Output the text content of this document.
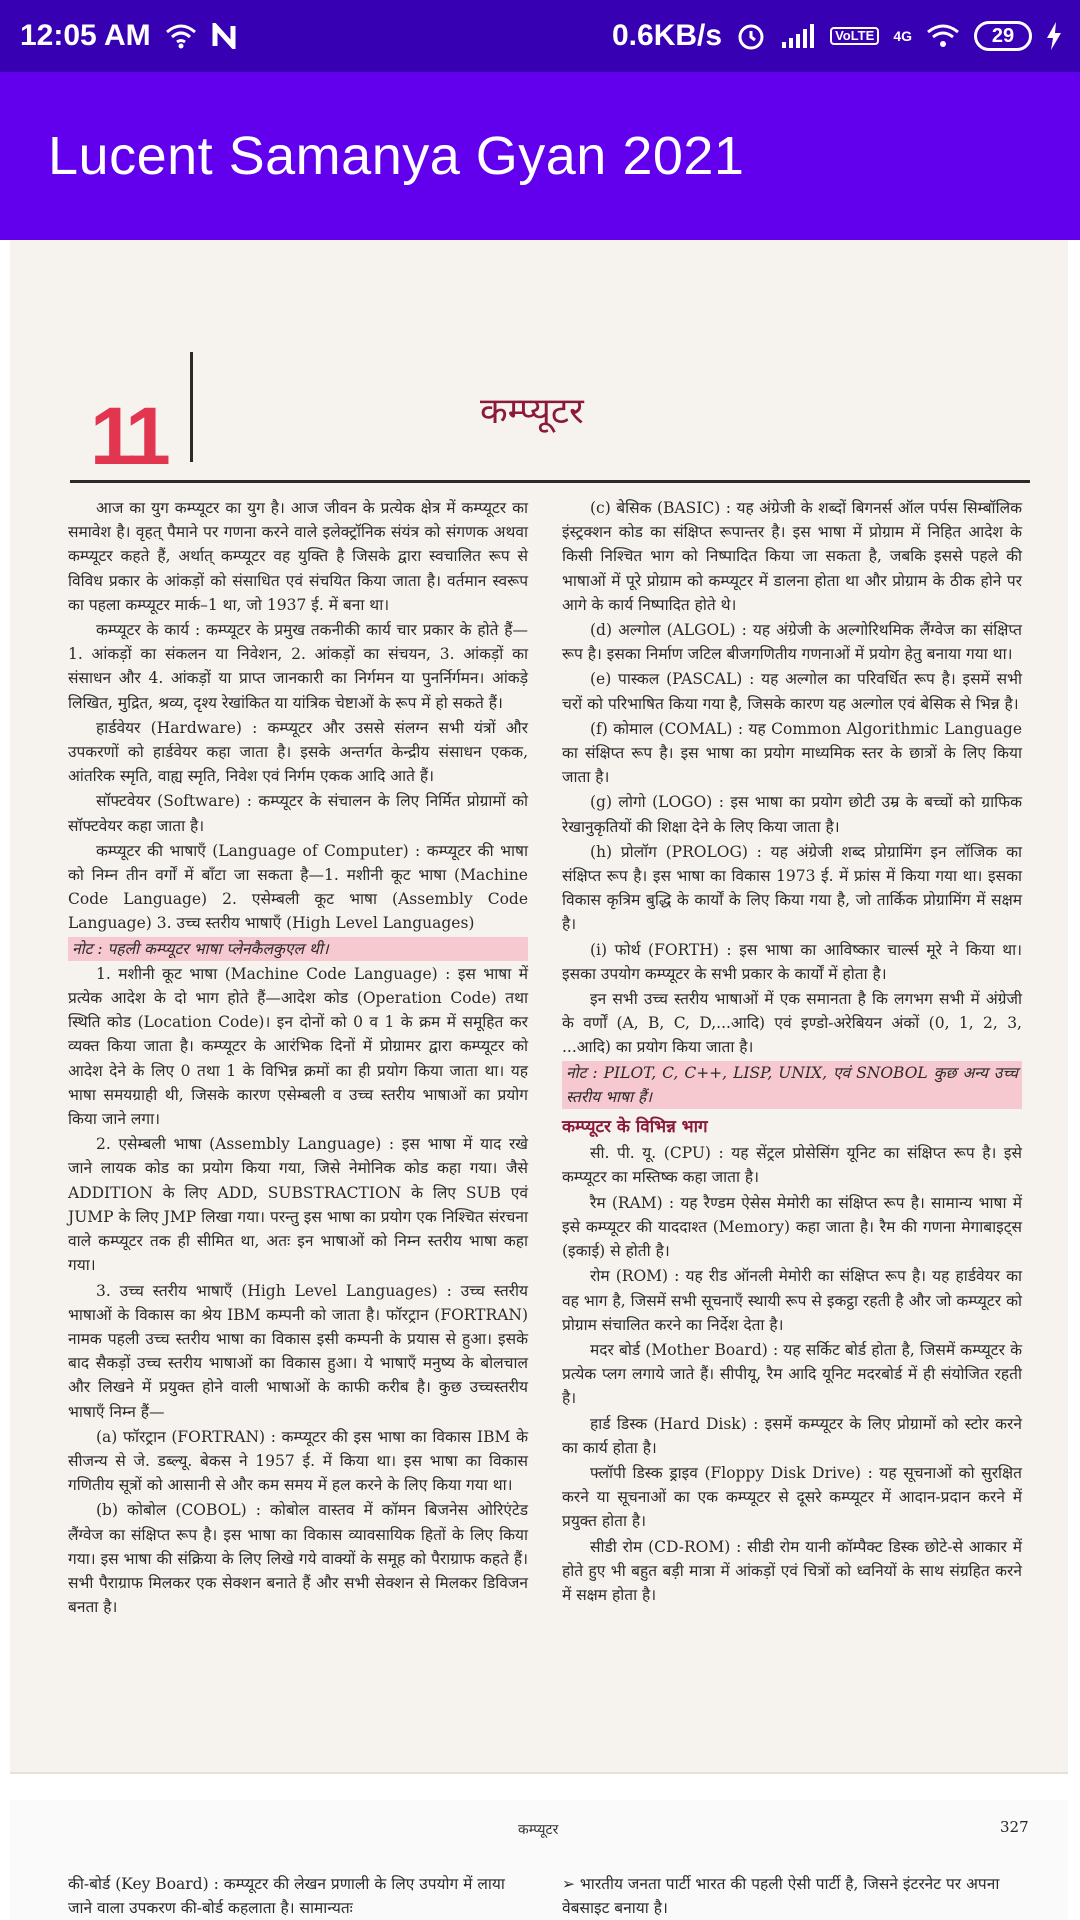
12:05 AM	0.6KB/s	VoLTE	4G	29
Lucent Samanya Gyan 2021
11	कम्प्यूटर

आज का युग कम्प्यूटर का युग है। आज जीवन के प्रत्येक क्षेत्र में कम्प्यूटर का समावेश है। वृहत् पैमाने पर गणना करने वाले इलेक्ट्रॉनिक संयंत्र को संगणक अथवा कम्प्यूटर कहते हैं, अर्थात् कम्प्यूटर वह युक्ति है जिसके द्वारा स्वचालित रूप से विविध प्रकार के आंकड़ों को संसाधित एवं संचयित किया जाता है। वर्तमान स्वरूप का पहला कम्प्यूटर मार्क–1 था, जो 1937 ई. में बना था।

कम्प्यूटर के कार्य : कम्प्यूटर के प्रमुख तकनीकी कार्य चार प्रकार के होते हैं—1. आंकड़ों का संकलन या निवेशन, 2. आंकड़ों का संचयन, 3. आंकड़ों का संसाधन और 4. आंकड़ों या प्राप्त जानकारी का निर्गमन या पुनर्निर्गमन। आंकड़े लिखित, मुद्रित, श्रव्य, दृश्य रेखांकित या यांत्रिक चेष्टाओं के रूप में हो सकते हैं।

हार्डवेयर (Hardware) : कम्प्यूटर और उससे संलग्न सभी यंत्रों और उपकरणों को हार्डवेयर कहा जाता है। इसके अन्तर्गत केन्द्रीय संसाधन एकक, आंतरिक स्मृति, वाह्य स्मृति, निवेश एवं निर्गम एकक आदि आते हैं।

सॉफ्टवेयर (Software) : कम्प्यूटर के संचालन के लिए निर्मित प्रोग्रामों को सॉफ्टवेयर कहा जाता है।

कम्प्यूटर की भाषाएँ (Language of Computer) : कम्प्यूटर की भाषा को निम्न तीन वर्गों में बाँटा जा सकता है—1. मशीनी कूट भाषा (Machine Code Language) 2. एसेम्बली कूट भाषा (Assembly Code Language) 3. उच्च स्तरीय भाषाएँ (High Level Languages)

नोट : पहली कम्प्यूटर भाषा प्लेनकैलकुएल थी।

1. मशीनी कूट भाषा (Machine Code Language) : इस भाषा में प्रत्येक आदेश के दो भाग होते हैं—आदेश कोड (Operation Code) तथा स्थिति कोड (Location Code)। इन दोनों को 0 व 1 के क्रम में समूहित कर व्यक्त किया जाता है। कम्प्यूटर के आरंभिक दिनों में प्रोग्रामर द्वारा कम्प्यूटर को आदेश देने के लिए 0 तथा 1 के विभिन्न क्रमों का ही प्रयोग किया जाता था। यह भाषा समयग्राही थी, जिसके कारण एसेम्बली व उच्च स्तरीय भाषाओं का प्रयोग किया जाने लगा।

2. एसेम्बली भाषा (Assembly Language) : इस भाषा में याद रखे जाने लायक कोड का प्रयोग किया गया, जिसे नेमोनिक कोड कहा गया। जैसे ADDITION के लिए ADD, SUBSTRACTION के लिए SUB एवं JUMP के लिए JMP लिखा गया। परन्तु इस भाषा का प्रयोग एक निश्चित संरचना वाले कम्प्यूटर तक ही सीमित था, अतः इन भाषाओं को निम्न स्तरीय भाषा कहा गया।

3. उच्च स्तरीय भाषाएँ (High Level Languages) : उच्च स्तरीय भाषाओं के विकास का श्रेय IBM कम्पनी को जाता है। फॉरट्रान (FORTRAN) नामक पहली उच्च स्तरीय भाषा का विकास इसी कम्पनी के प्रयास से हुआ। इसके बाद सैकड़ों उच्च स्तरीय भाषाओं का विकास हुआ। ये भाषाएँ मनुष्य के बोलचाल और लिखने में प्रयुक्त होने वाली भाषाओं के काफी करीब है। कुछ उच्चस्तरीय भाषाएँ निम्न हैं—

(a) फॉरट्रान (FORTRAN) : कम्प्यूटर की इस भाषा का विकास IBM के सीजन्य से जे. डब्ल्यू. बेकस ने 1957 ई. में किया था। इस भाषा का विकास गणितीय सूत्रों को आसानी से और कम समय में हल करने के लिए किया गया था।

(b) कोबोल (COBOL) : कोबोल वास्तव में कॉमन बिजनेस ओरिएंटेड लैंग्वेज का संक्षिप्त रूप है। इस भाषा का विकास व्यावसायिक हितों के लिए किया गया। इस भाषा की संक्रिया के लिए लिखे गये वाक्यों के समूह को पैराग्राफ कहते हैं। सभी पैराग्राफ मिलकर एक सेक्शन बनाते हैं और सभी सेक्शन से मिलकर डिविजन बनता है।

(c) बेसिक (BASIC) : यह अंग्रेजी के शब्दों बिगनर्स ऑल पर्पस सिम्बॉलिक इंस्ट्रक्शन कोड का संक्षिप्त रूपान्तर है। इस भाषा में प्रोग्राम में निहित आदेश के किसी निश्चित भाग को निष्पादित किया जा सकता है, जबकि इससे पहले की भाषाओं में पूरे प्रोग्राम को कम्प्यूटर में डालना होता था और प्रोग्राम के ठीक होने पर आगे के कार्य निष्पादित होते थे।

(d) अल्गोल (ALGOL) : यह अंग्रेजी के अल्गोरिथमिक लैंग्वेज का संक्षिप्त रूप है। इसका निर्माण जटिल बीजगणितीय गणनाओं में प्रयोग हेतु बनाया गया था।

(e) पास्कल (PASCAL) : यह अल्गोल का परिवर्धित रूप है। इसमें सभी चरों को परिभाषित किया गया है, जिसके कारण यह अल्गोल एवं बेसिक से भिन्न है।

(f) कोमाल (COMAL) : यह Common Algorithmic Language का संक्षिप्त रूप है। इस भाषा का प्रयोग माध्यमिक स्तर के छात्रों के लिए किया जाता है।

(g) लोगो (LOGO) : इस भाषा का प्रयोग छोटी उम्र के बच्चों को ग्राफिक रेखानुकृतियों की शिक्षा देने के लिए किया जाता है।

(h) प्रोलॉग (PROLOG) : यह अंग्रेजी शब्द प्रोग्रामिंग इन लॉजिक का संक्षिप्त रूप है। इस भाषा का विकास 1973 ई. में फ्रांस में किया गया था। इसका विकास कृत्रिम बुद्धि के कार्यों के लिए किया गया है, जो तार्किक प्रोग्रामिंग में सक्षम है।

(i) फोर्थ (FORTH) : इस भाषा का आविष्कार चार्ल्स मूरे ने किया था। इसका उपयोग कम्प्यूटर के सभी प्रकार के कार्यों में होता है।

इन सभी उच्च स्तरीय भाषाओं में एक समानता है कि लगभग सभी में अंग्रेजी के वर्णों (A, B, C, D,...आदि) एवं इण्डो-अरेबियन अंकों (0, 1, 2, 3, ...आदि) का प्रयोग किया जाता है।

नोट : PILOT, C, C++, LISP, UNIX, एवं SNOBOL कुछ अन्य उच्च स्तरीय भाषा हैं।

कम्प्यूटर के विभिन्न भाग

सी. पी. यू. (CPU) : यह सेंट्रल प्रोसेसिंग यूनिट का संक्षिप्त रूप है। इसे कम्प्यूटर का मस्तिष्क कहा जाता है।

रैम (RAM) : यह रैण्डम ऐसेस मेमोरी का संक्षिप्त रूप है। सामान्य भाषा में इसे कम्प्यूटर की याददाश्त (Memory) कहा जाता है। रैम की गणना मेगाबाइट्स (इकाई) से होती है।

रोम (ROM) : यह रीड ऑनली मेमोरी का संक्षिप्त रूप है। यह हार्डवेयर का वह भाग है, जिसमें सभी सूचनाएँ स्थायी रूप से इकट्ठा रहती है और जो कम्प्यूटर को प्रोग्राम संचालित करने का निर्देश देता है।

मदर बोर्ड (Mother Board) : यह सर्किट बोर्ड होता है, जिसमें कम्प्यूटर के प्रत्येक प्लग लगाये जाते हैं। सीपीयू, रैम आदि यूनिट मदरबोर्ड में ही संयोजित रहती है।

हार्ड डिस्क (Hard Disk) : इसमें कम्प्यूटर के लिए प्रोग्रामों को स्टोर करने का कार्य होता है।

फ्लॉपी डिस्क ड्राइव (Floppy Disk Drive) : यह सूचनाओं को सुरक्षित करने या सूचनाओं का एक कम्प्यूटर से दूसरे कम्प्यूटर में आदान-प्रदान करने में प्रयुक्त होता है।

सीडी रोम (CD-ROM) : सीडी रोम यानी कॉम्पैक्ट डिस्क छोटे-से आकार में होते हुए भी बहुत बड़ी मात्रा में आंकड़ों एवं चित्रों को ध्वनियों के साथ संग्रहित करने में सक्षम होता है।

कम्प्यूटर	327
की-बोर्ड (Key Board) : कम्प्यूटर की लेखन प्रणाली के लिए उपयोग में लाया जाने वाला उपकरण की-बोर्ड कहलाता है। सामान्यतः
➢ भारतीय जनता पार्टी भारत की पहली ऐसी पार्टी है, जिसने इंटरनेट पर अपना वेबसाइट बनाया है।
